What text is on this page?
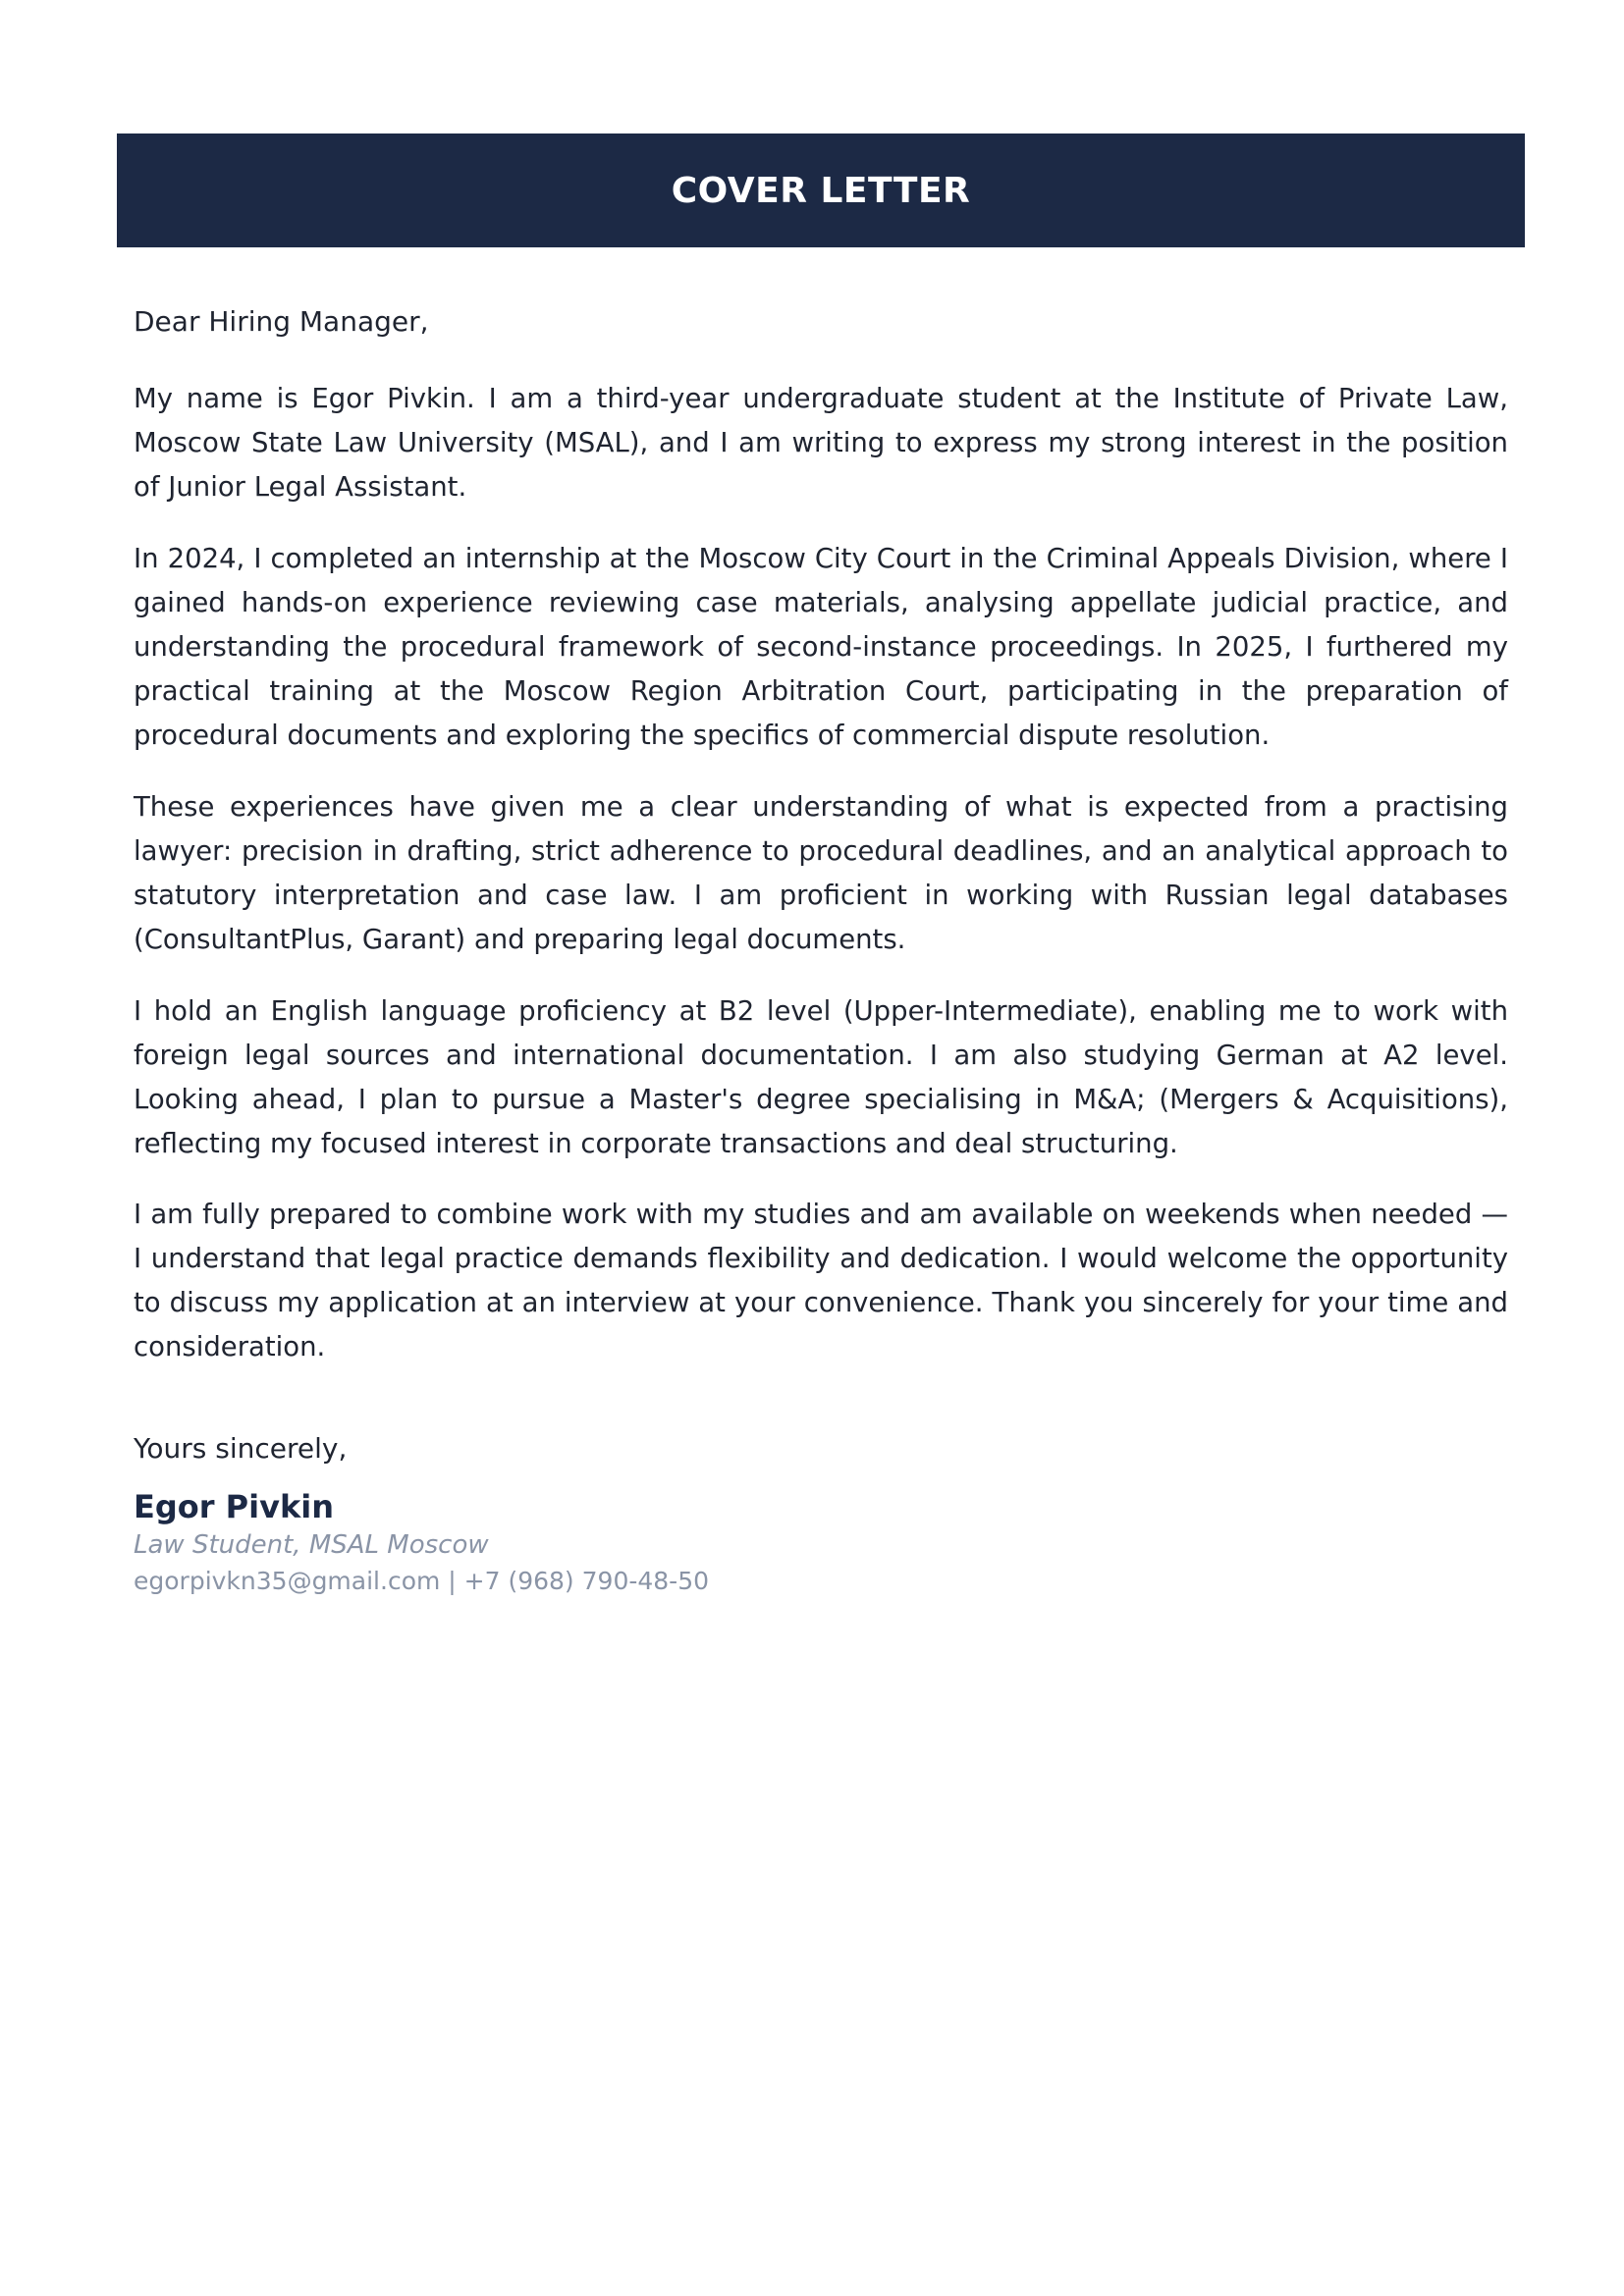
COVER LETTER
Dear Hiring Manager,

My name is Egor Pivkin. I am a third-year undergraduate student at the Institute of Private Law, Moscow State Law University (MSAL), and I am writing to express my strong interest in the position of Junior Legal Assistant.

In 2024, I completed an internship at the Moscow City Court in the Criminal Appeals Division, where I gained hands-on experience reviewing case materials, analysing appellate judicial practice, and understanding the procedural framework of second-instance proceedings. In 2025, I furthered my practical training at the Moscow Region Arbitration Court, participating in the preparation of procedural documents and exploring the specifics of commercial dispute resolution.

These experiences have given me a clear understanding of what is expected from a practising lawyer: precision in drafting, strict adherence to procedural deadlines, and an analytical approach to statutory interpretation and case law. I am proficient in working with Russian legal databases (ConsultantPlus, Garant) and preparing legal documents.

I hold an English language proficiency at B2 level (Upper-Intermediate), enabling me to work with foreign legal sources and international documentation. I am also studying German at A2 level. Looking ahead, I plan to pursue a Master's degree specialising in M&A; (Mergers & Acquisitions), reflecting my focused interest in corporate transactions and deal structuring.

I am fully prepared to combine work with my studies and am available on weekends when needed — I understand that legal practice demands flexibility and dedication. I would welcome the opportunity to discuss my application at an interview at your convenience. Thank you sincerely for your time and consideration.

Yours sincerely,
Egor Pivkin
Law Student, MSAL Moscow
egorpivkn35@gmail.com | +7 (968) 790-48-50
